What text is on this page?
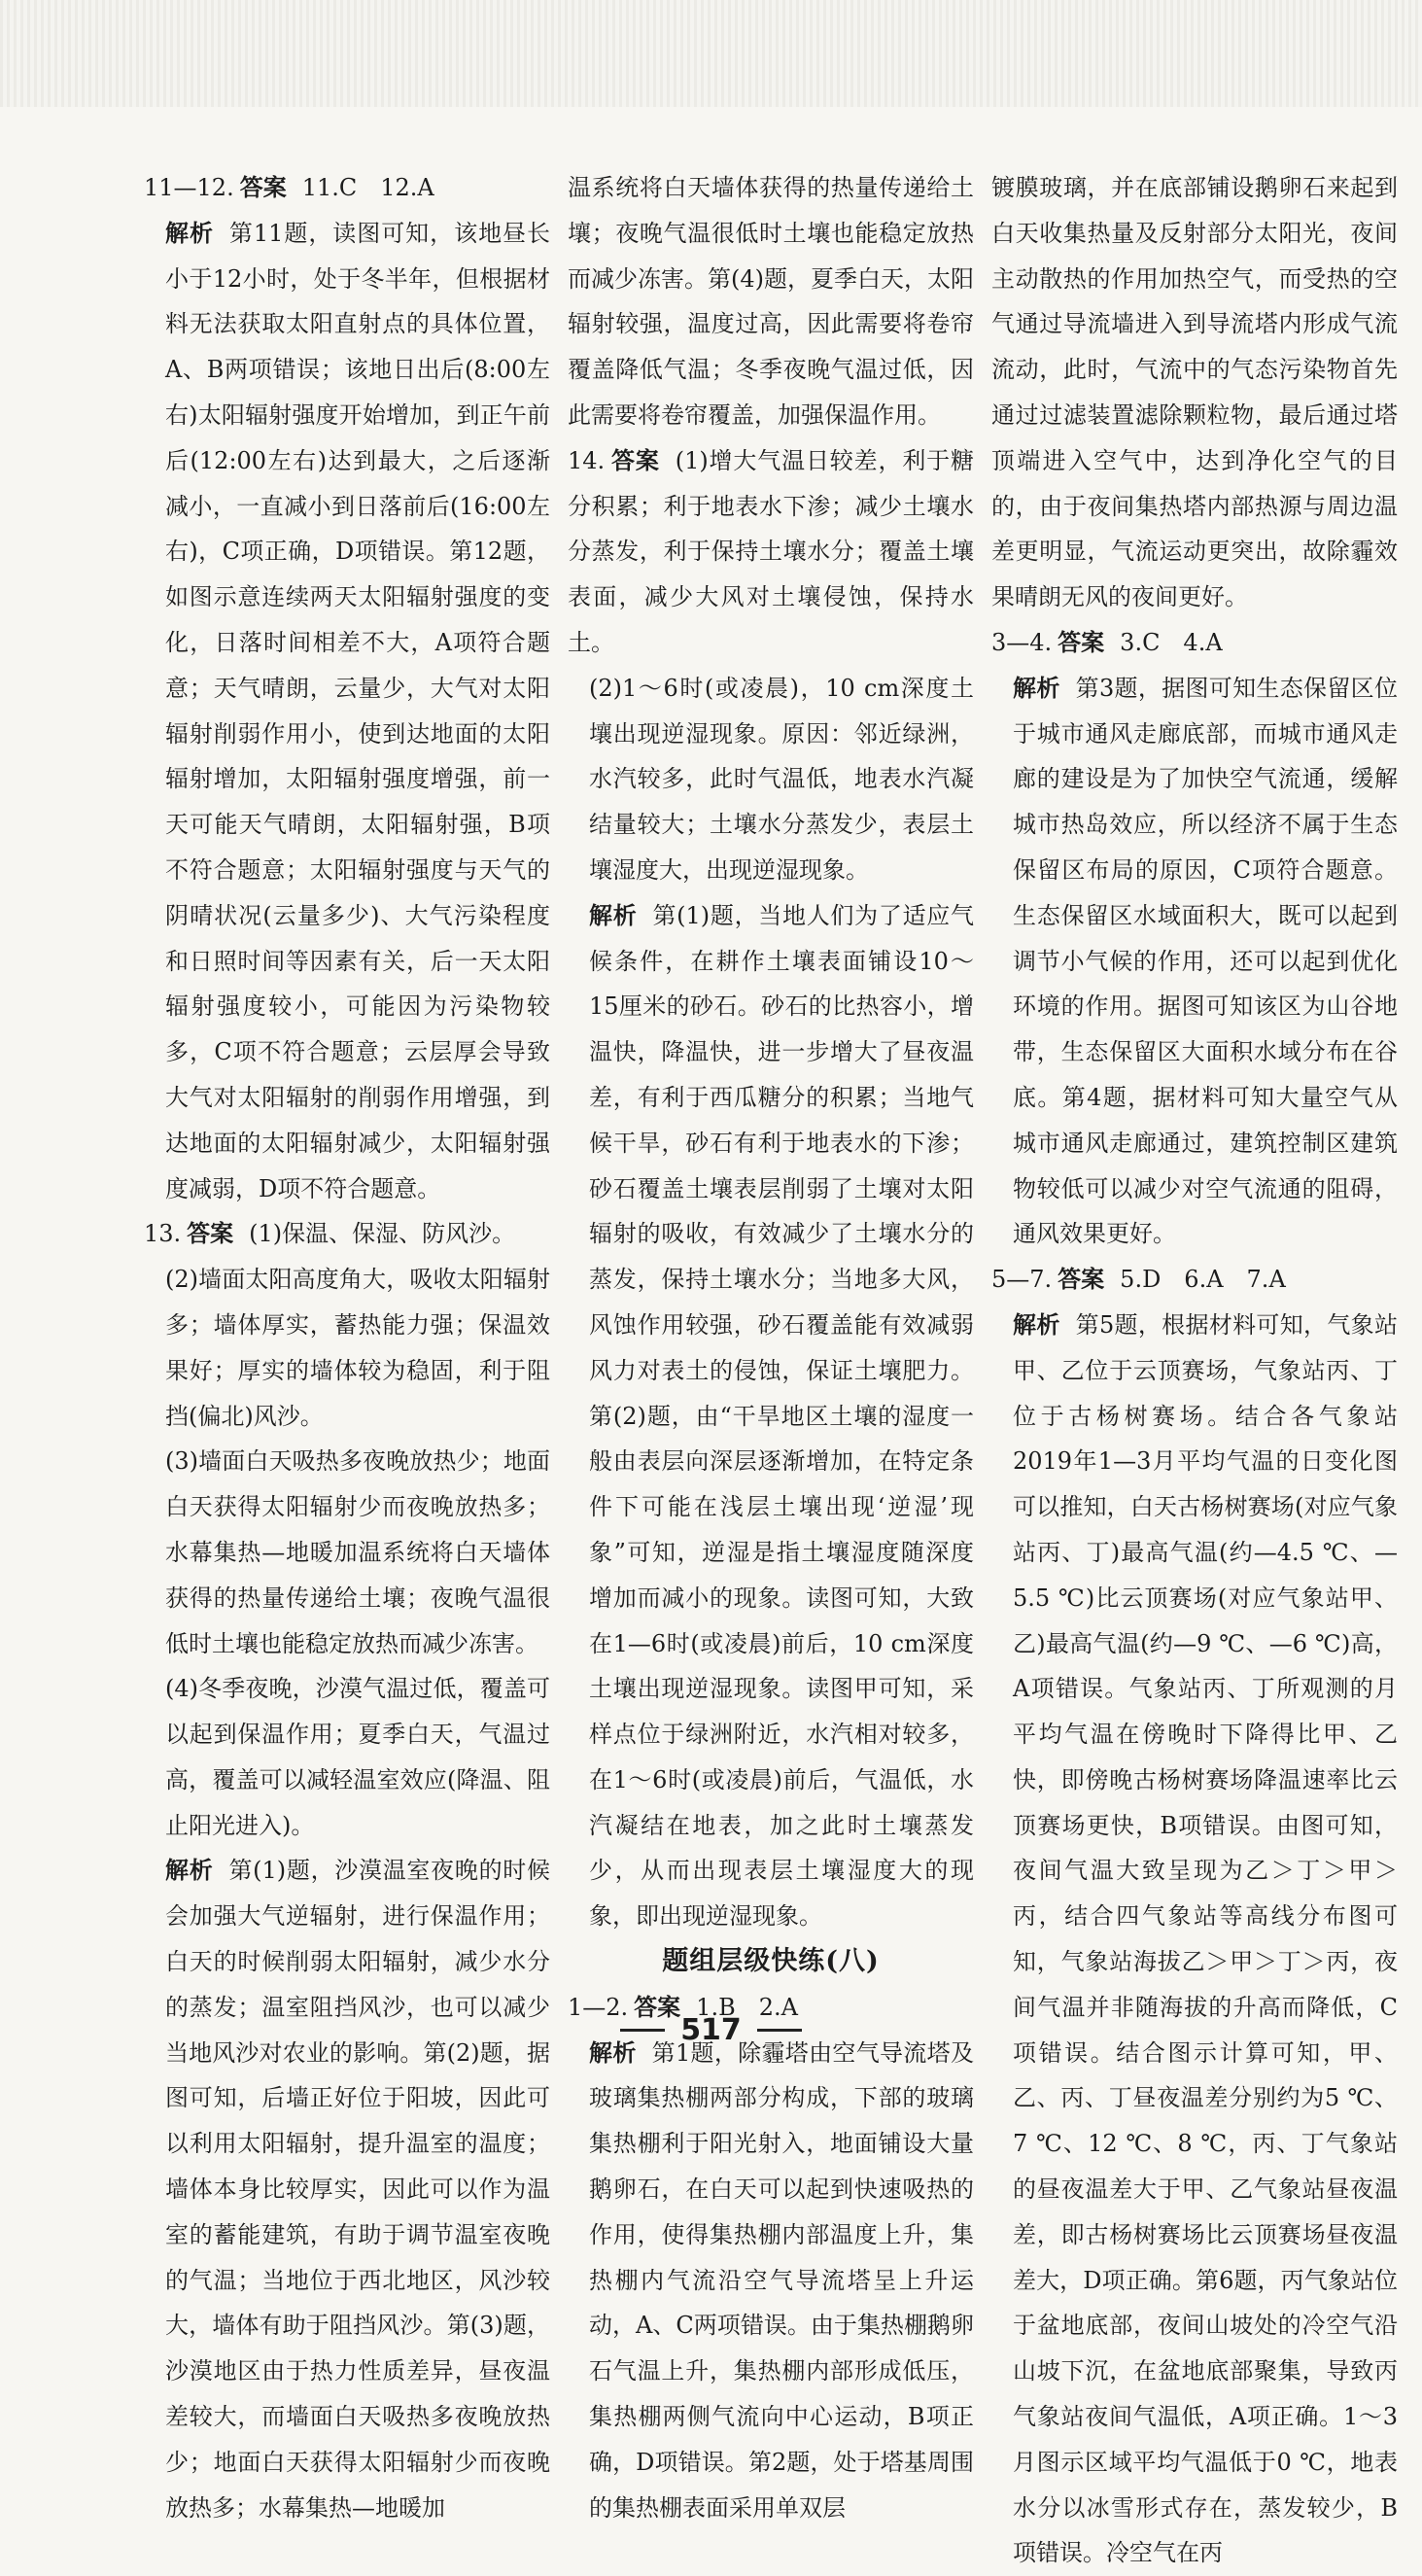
11—12. 答案 11.C　12.A

解析 第11题，读图可知，该地昼长小于12小时，处于冬半年，但根据材料无法获取太阳直射点的具体位置，A、B两项错误；该地日出后(8:00左右)太阳辐射强度开始增加，到正午前后(12:00左右)达到最大，之后逐渐减小，一直减小到日落前后(16:00左右)，C项正确，D项错误。第12题，如图示意连续两天太阳辐射强度的变化，日落时间相差不大，A项符合题意；天气晴朗，云量少，大气对太阳辐射削弱作用小，使到达地面的太阳辐射增加，太阳辐射强度增强，前一天可能天气晴朗，太阳辐射强，B项不符合题意；太阳辐射强度与天气的阴晴状况(云量多少)、大气污染程度和日照时间等因素有关，后一天太阳辐射强度较小，可能因为污染物较多，C项不符合题意；云层厚会导致大气对太阳辐射的削弱作用增强，到达地面的太阳辐射减少，太阳辐射强度减弱，D项不符合题意。

13. 答案 (1)保温、保湿、防风沙。

(2)墙面太阳高度角大，吸收太阳辐射多；墙体厚实，蓄热能力强；保温效果好；厚实的墙体较为稳固，利于阻挡(偏北)风沙。

(3)墙面白天吸热多夜晚放热少；地面白天获得太阳辐射少而夜晚放热多；水幕集热—地暖加温系统将白天墙体获得的热量传递给土壤；夜晚气温很低时土壤也能稳定放热而减少冻害。

(4)冬季夜晚，沙漠气温过低，覆盖可以起到保温作用；夏季白天，气温过高，覆盖可以减轻温室效应(降温、阻止阳光进入)。

解析 第(1)题，沙漠温室夜晚的时候会加强大气逆辐射，进行保温作用；白天的时候削弱太阳辐射，减少水分的蒸发；温室阻挡风沙，也可以减少当地风沙对农业的影响。第(2)题，据图可知，后墙正好位于阳坡，因此可以利用太阳辐射，提升温室的温度；墙体本身比较厚实，因此可以作为温室的蓄能建筑，有助于调节温室夜晚的气温；当地位于西北地区，风沙较大，墙体有助于阻挡风沙。第(3)题，沙漠地区由于热力性质差异，昼夜温差较大，而墙面白天吸热多夜晚放热少；地面白天获得太阳辐射少而夜晚放热多；水幕集热—地暖加

温系统将白天墙体获得的热量传递给土壤；夜晚气温很低时土壤也能稳定放热而减少冻害。第(4)题，夏季白天，太阳辐射较强，温度过高，因此需要将卷帘覆盖降低气温；冬季夜晚气温过低，因此需要将卷帘覆盖，加强保温作用。

14. 答案 (1)增大气温日较差，利于糖分积累；利于地表水下渗；减少土壤水分蒸发，利于保持土壤水分；覆盖土壤表面，减少大风对土壤侵蚀，保持水土。

(2)1～6时(或凌晨)，10 cm深度土壤出现逆湿现象。原因：邻近绿洲，水汽较多，此时气温低，地表水汽凝结量较大；土壤水分蒸发少，表层土壤湿度大，出现逆湿现象。

解析 第(1)题，当地人们为了适应气候条件，在耕作土壤表面铺设10～15厘米的砂石。砂石的比热容小，增温快，降温快，进一步增大了昼夜温差，有利于西瓜糖分的积累；当地气候干旱，砂石有利于地表水的下渗；砂石覆盖土壤表层削弱了土壤对太阳辐射的吸收，有效减少了土壤水分的蒸发，保持土壤水分；当地多大风，风蚀作用较强，砂石覆盖能有效减弱风力对表土的侵蚀，保证土壤肥力。第(2)题，由“干旱地区土壤的湿度一般由表层向深层逐渐增加，在特定条件下可能在浅层土壤出现‘逆湿’现象”可知，逆湿是指土壤湿度随深度增加而减小的现象。读图可知，大致在1—6时(或凌晨)前后，10 cm深度土壤出现逆湿现象。读图甲可知，采样点位于绿洲附近，水汽相对较多，在1～6时(或凌晨)前后，气温低，水汽凝结在地表，加之此时土壤蒸发少，从而出现表层土壤湿度大的现象，即出现逆湿现象。

题组层级快练(八)

1—2. 答案 1.B　2.A

解析 第1题，除霾塔由空气导流塔及玻璃集热棚两部分构成，下部的玻璃集热棚利于阳光射入，地面铺设大量鹅卵石，在白天可以起到快速吸热的作用，使得集热棚内部温度上升，集热棚内气流沿空气导流塔呈上升运动，A、C两项错误。由于集热棚鹅卵石气温上升，集热棚内部形成低压，集热棚两侧气流向中心运动，B项正确，D项错误。第2题，处于塔基周围的集热棚表面采用单双层

镀膜玻璃，并在底部铺设鹅卵石来起到白天收集热量及反射部分太阳光，夜间主动散热的作用加热空气，而受热的空气通过导流墙进入到导流塔内形成气流流动，此时，气流中的气态污染物首先通过过滤装置滤除颗粒物，最后通过塔顶端进入空气中，达到净化空气的目的，由于夜间集热塔内部热源与周边温差更明显，气流运动更突出，故除霾效果晴朗无风的夜间更好。

3—4. 答案 3.C　4.A

解析 第3题，据图可知生态保留区位于城市通风走廊底部，而城市通风走廊的建设是为了加快空气流通，缓解城市热岛效应，所以经济不属于生态保留区布局的原因，C项符合题意。生态保留区水域面积大，既可以起到调节小气候的作用，还可以起到优化环境的作用。据图可知该区为山谷地带，生态保留区大面积水域分布在谷底。第4题，据材料可知大量空气从城市通风走廊通过，建筑控制区建筑物较低可以减少对空气流通的阻碍，通风效果更好。

5—7. 答案 5.D　6.A　7.A

解析 第5题，根据材料可知，气象站甲、乙位于云顶赛场，气象站丙、丁位于古杨树赛场。结合各气象站2019年1—3月平均气温的日变化图可以推知，白天古杨树赛场(对应气象站丙、丁)最高气温(约—4.5 ℃、—5.5 ℃)比云顶赛场(对应气象站甲、乙)最高气温(约—9 ℃、—6 ℃)高，A项错误。气象站丙、丁所观测的月平均气温在傍晚时下降得比甲、乙快，即傍晚古杨树赛场降温速率比云顶赛场更快，B项错误。由图可知，夜间气温大致呈现为乙＞丁＞甲＞丙，结合四气象站等高线分布图可知，气象站海拔乙＞甲＞丁＞丙，夜间气温并非随海拔的升高而降低，C项错误。结合图示计算可知，甲、乙、丙、丁昼夜温差分别约为5 ℃、7 ℃、12 ℃、8 ℃，丙、丁气象站的昼夜温差大于甲、乙气象站昼夜温差，即古杨树赛场比云顶赛场昼夜温差大，D项正确。第6题，丙气象站位于盆地底部，夜间山坡处的冷空气沿山坡下沉，在盆地底部聚集，导致丙气象站夜间气温低，A项正确。1～3月图示区域平均气温低于0 ℃，地表水分以冰雪形式存在，蒸发较少，B项错误。冷空气在丙

517
